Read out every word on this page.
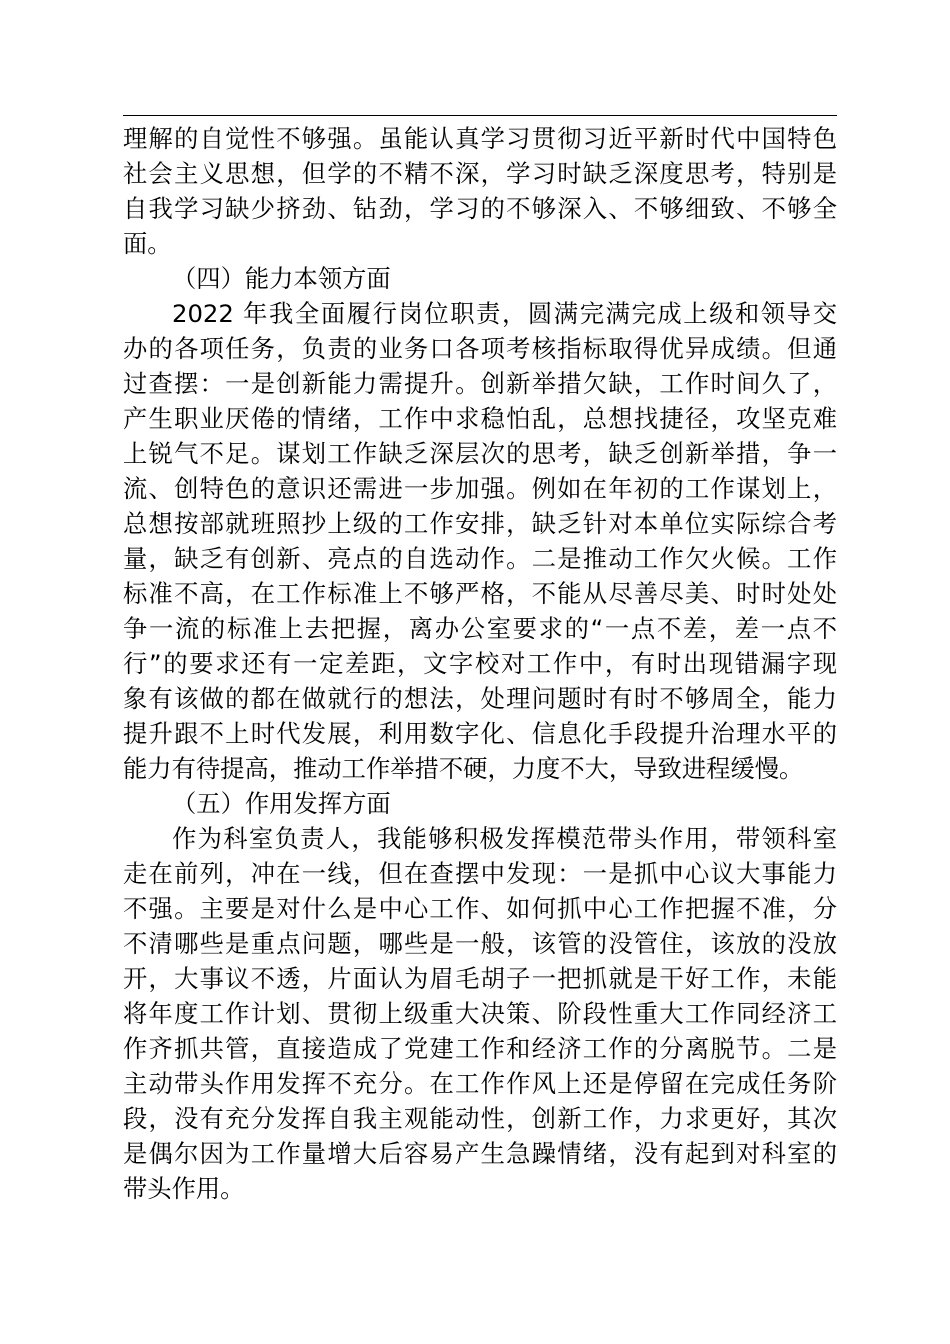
理解的自觉性不够强。虽能认真学习贯彻习近平新时代中国特色
社会主义思想，但学的不精不深，学习时缺乏深度思考，特别是
自我学习缺少挤劲、钻劲，学习的不够深入、不够细致、不够全
面。
（四）能力本领方面
2022 年我全面履行岗位职责，圆满完满完成上级和领导交
办的各项任务，负责的业务口各项考核指标取得优异成绩。但通
过查摆：一是创新能力需提升。创新举措欠缺，工作时间久了，
产生职业厌倦的情绪，工作中求稳怕乱，总想找捷径，攻坚克难
上锐气不足。谋划工作缺乏深层次的思考，缺乏创新举措，争一
流、创特色的意识还需进一步加强。例如在年初的工作谋划上，
总想按部就班照抄上级的工作安排，缺乏针对本单位实际综合考
量，缺乏有创新、亮点的自选动作。二是推动工作欠火候。工作
标准不高，在工作标准上不够严格，不能从尽善尽美、时时处处
争一流的标准上去把握，离办公室要求的“一点不差，差一点不
行”的要求还有一定差距，文字校对工作中，有时出现错漏字现
象有该做的都在做就行的想法，处理问题时有时不够周全，能力
提升跟不上时代发展，利用数字化、信息化手段提升治理水平的
能力有待提高，推动工作举措不硬，力度不大，导致进程缓慢。
（五）作用发挥方面
作为科室负责人，我能够积极发挥模范带头作用，带领科室
走在前列，冲在一线，但在查摆中发现：一是抓中心议大事能力
不强。主要是对什么是中心工作、如何抓中心工作把握不准，分
不清哪些是重点问题，哪些是一般，该管的没管住，该放的没放
开，大事议不透，片面认为眉毛胡子一把抓就是干好工作，未能
将年度工作计划、贯彻上级重大决策、阶段性重大工作同经济工
作齐抓共管，直接造成了党建工作和经济工作的分离脱节。二是
主动带头作用发挥不充分。在工作作风上还是停留在完成任务阶
段，没有充分发挥自我主观能动性，创新工作，力求更好，其次
是偶尔因为工作量增大后容易产生急躁情绪，没有起到对科室的
带头作用。
